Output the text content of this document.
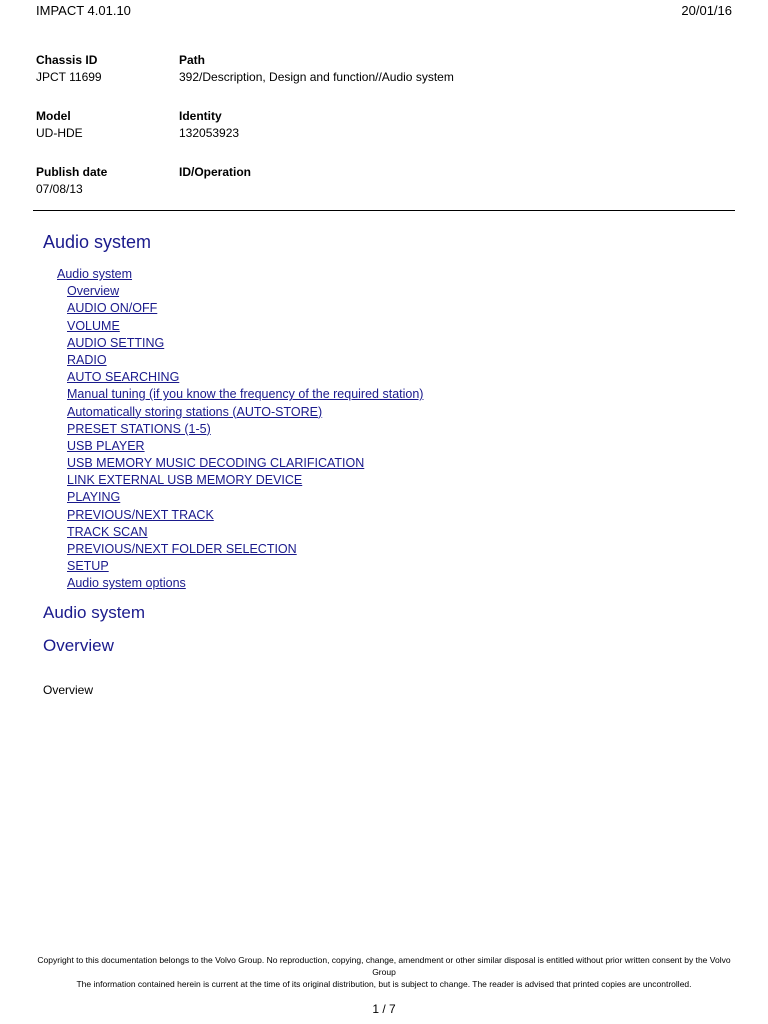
IMPACT 4.01.10	20/01/16
Chassis ID
JPCT 11699
Path
392/Description, Design and function//Audio system
Model
UD-HDE
Identity
132053923
Publish date
07/08/13
ID/Operation
Audio system
Audio system
Overview
AUDIO ON/OFF
VOLUME
AUDIO SETTING
RADIO
AUTO SEARCHING
Manual tuning (if you know the frequency of the required station)
Automatically storing stations (AUTO-STORE)
PRESET STATIONS (1-5)
USB PLAYER
USB MEMORY MUSIC DECODING CLARIFICATION
LINK EXTERNAL USB MEMORY DEVICE
PLAYING
PREVIOUS/NEXT TRACK
TRACK SCAN
PREVIOUS/NEXT FOLDER SELECTION
SETUP
Audio system options
Audio system
Overview
Overview
Copyright to this documentation belongs to the Volvo Group. No reproduction, copying, change, amendment or other similar disposal is entitled without prior written consent by the Volvo Group
The information contained herein is current at the time of its original distribution, but is subject to change. The reader is advised that printed copies are uncontrolled.
1 / 7
